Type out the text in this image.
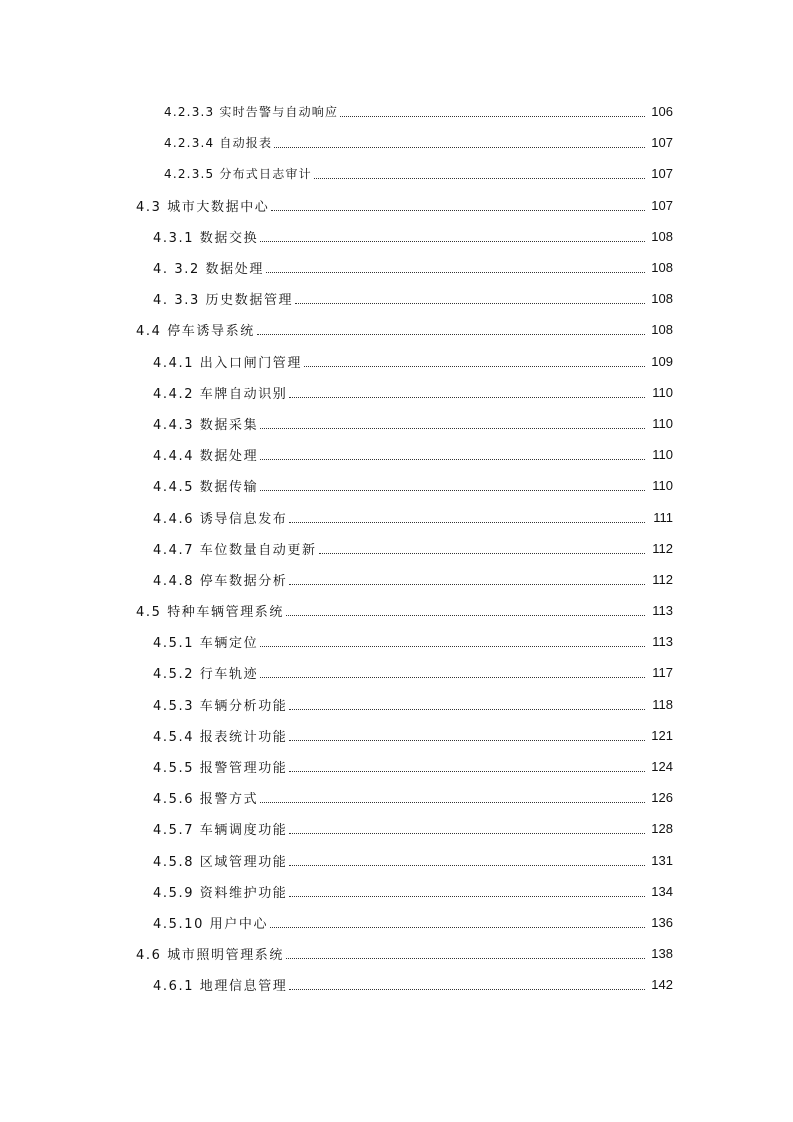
4.2.3.3 实时告警与自动响应	106
4.2.3.4 自动报表	107
4.2.3.5 分布式日志审计	107
4.3 城市大数据中心	107
4.3.1 数据交换	108
4. 3.2 数据处理	108
4. 3.3 历史数据管理	108
4.4 停车诱导系统	108
4.4.1 出入口闸门管理	109
4.4.2 车牌自动识别	110
4.4.3 数据采集	110
4.4.4 数据处理	110
4.4.5 数据传输	110
4.4.6 诱导信息发布	111
4.4.7 车位数量自动更新	112
4.4.8 停车数据分析	112
4.5 特种车辆管理系统	113
4.5.1 车辆定位	113
4.5.2 行车轨迹	117
4.5.3 车辆分析功能	118
4.5.4 报表统计功能	121
4.5.5 报警管理功能	124
4.5.6 报警方式	126
4.5.7 车辆调度功能	128
4.5.8 区域管理功能	131
4.5.9 资料维护功能	134
4.5.10 用户中心	136
4.6 城市照明管理系统	138
4.6.1 地理信息管理	142
